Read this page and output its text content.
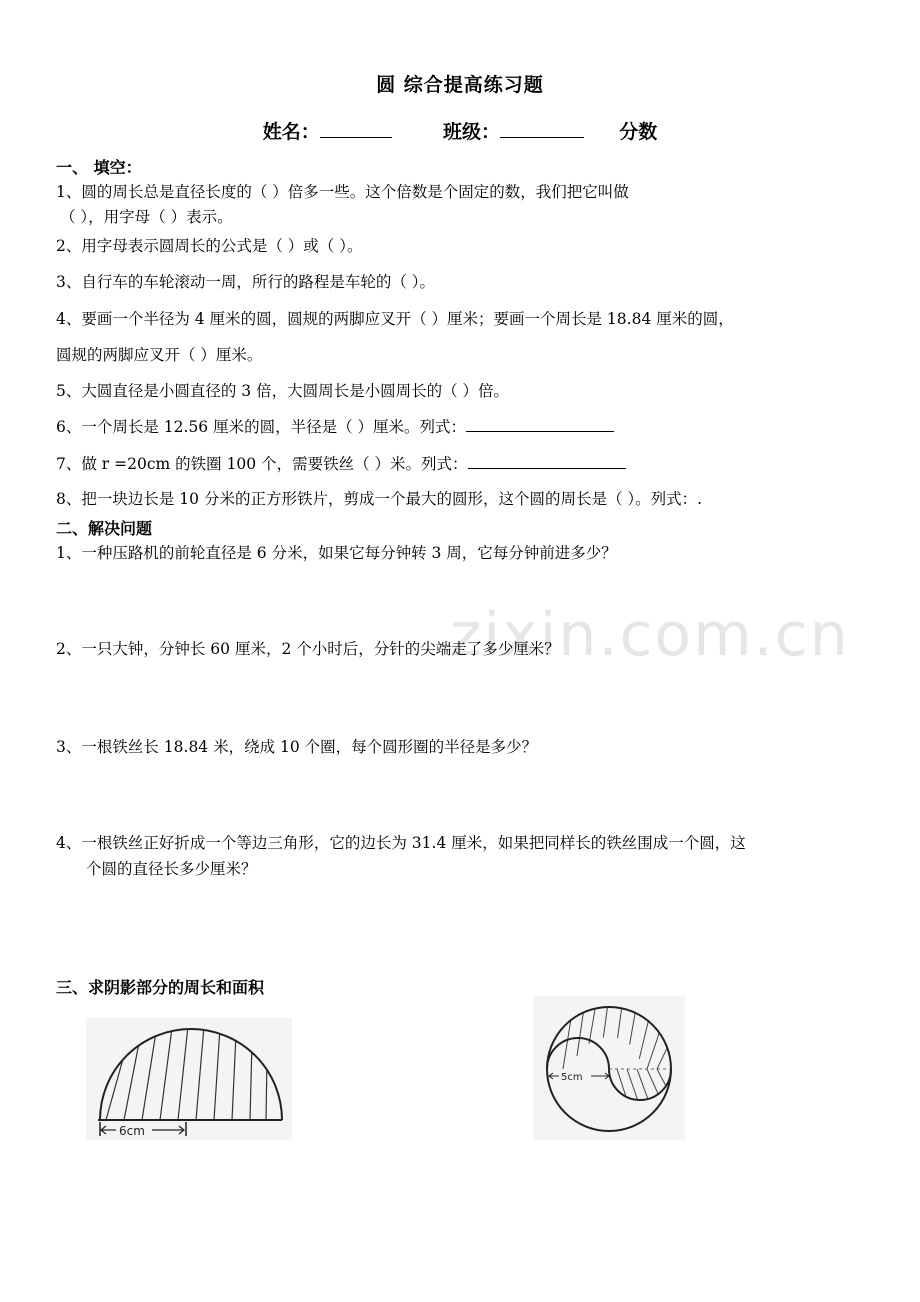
zixin.com.cn
圆 综合提高练习题
姓名：	班级：	分数
一、 填空：
1、圆的周长总是直径长度的（ ）倍多一些。这个倍数是个固定的数，我们把它叫做
（ ），用字母（ ）表示。
2、用字母表示圆周长的公式是（ ）或（ ）。
3、自行车的车轮滚动一周，所行的路程是车轮的（ ）。
4、要画一个半径为 4 厘米的圆，圆规的两脚应叉开（ ）厘米；要画一个周长是 18.84 厘米的圆，
圆规的两脚应叉开（ ）厘米。
5、大圆直径是小圆直径的 3 倍，大圆周长是小圆周长的（ ）倍。
6、一个周长是 12.56 厘米的圆，半径是（ ）厘米。列式：
7、做 r =20cm 的铁圈 100 个，需要铁丝（ ）米。列式：
8、把一块边长是 10 分米的正方形铁片，剪成一个最大的圆形，这个圆的周长是（ ）。列式：.
二、解决问题
1、一种压路机的前轮直径是 6 分米，如果它每分钟转 3 周，它每分钟前进多少？
2、一只大钟，分钟长 60 厘米，2 个小时后，分针的尖端走了多少厘米？
3、一根铁丝长 18.84 米，绕成 10 个圈，每个圆形圈的半径是多少？
4、一根铁丝正好折成一个等边三角形，它的边长为 31.4 厘米，如果把同样长的铁丝围成一个圆，这
个圆的直径长多少厘米？
三、求阴影部分的周长和面积
6cm
5cm
